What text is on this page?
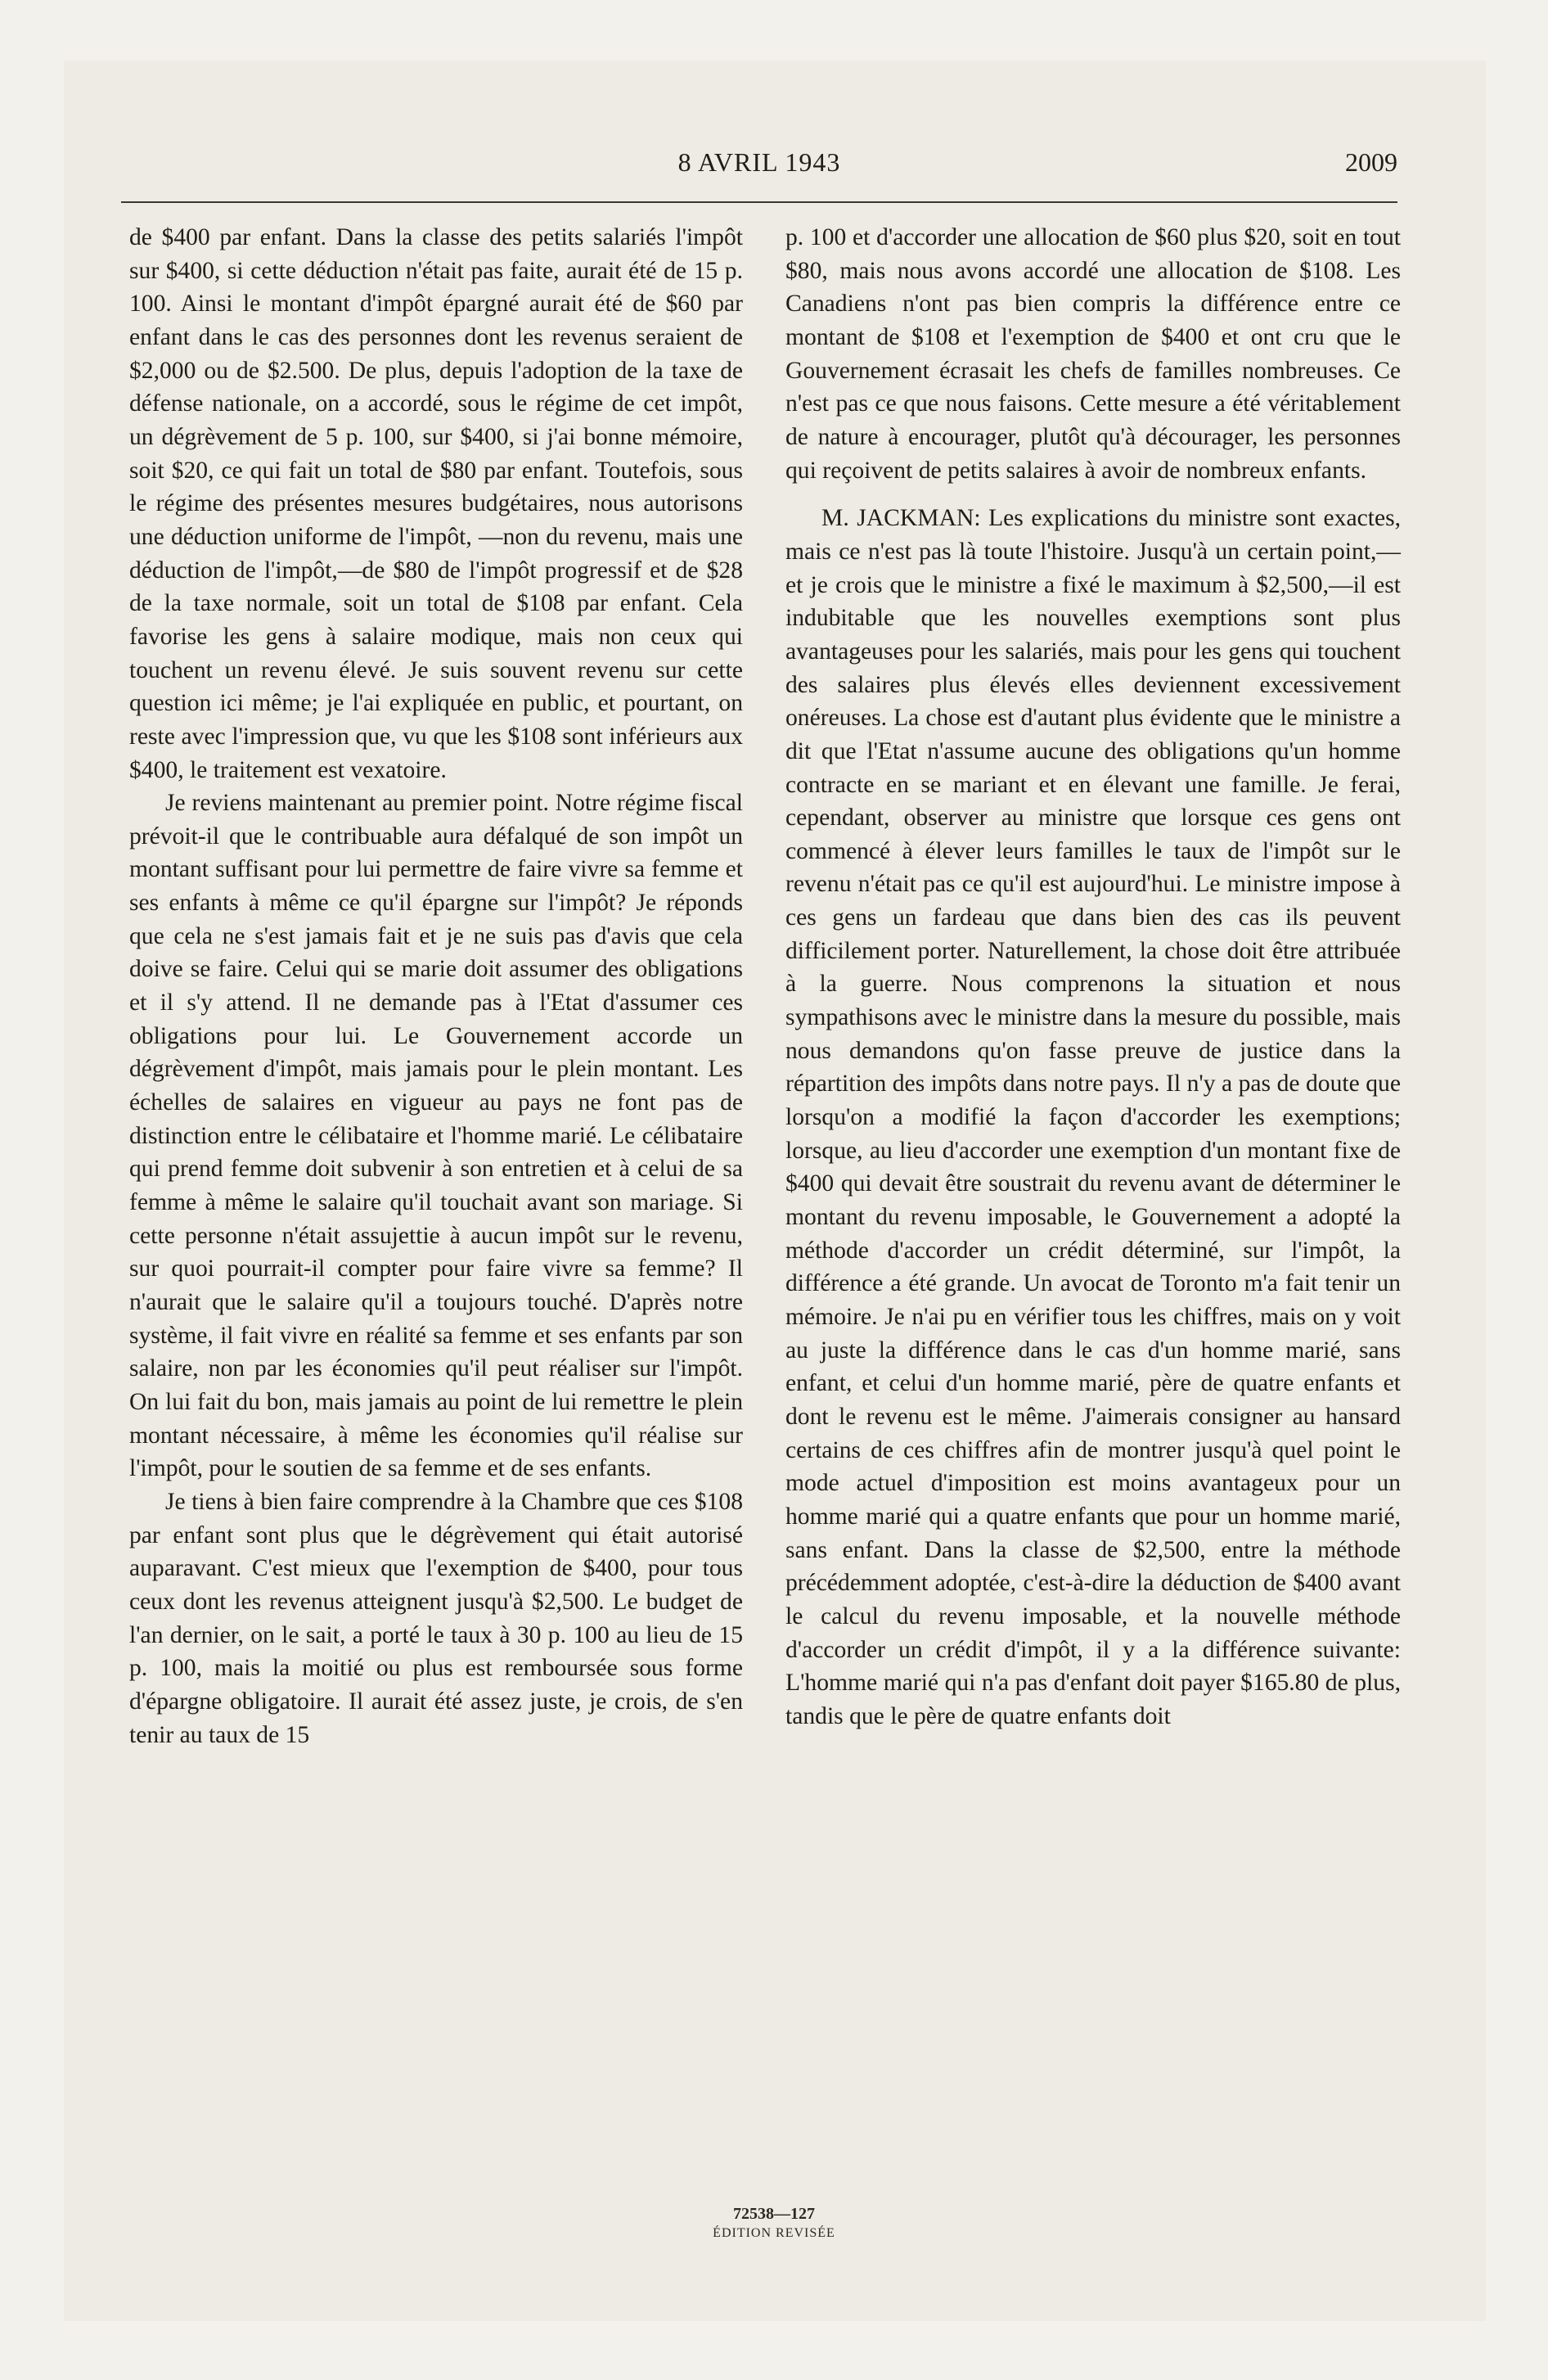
8 AVRIL 1943	2009

de $400 par enfant. Dans la classe des petits salariés l'impôt sur $400, si cette déduction n'était pas faite, aurait été de 15 p. 100. Ainsi le montant d'impôt épargné aurait été de $60 par enfant dans le cas des personnes dont les revenus seraient de $2,000 ou de $2.500. De plus, depuis l'adoption de la taxe de défense nationale, on a accordé, sous le régime de cet impôt, un dégrèvement de 5 p. 100, sur $400, si j'ai bonne mémoire, soit $20, ce qui fait un total de $80 par enfant. Toutefois, sous le régime des présentes mesures budgétaires, nous autorisons une déduction uniforme de l'impôt, —non du revenu, mais une déduction de l'impôt,—de $80 de l'impôt progressif et de $28 de la taxe normale, soit un total de $108 par enfant. Cela favorise les gens à salaire modique, mais non ceux qui touchent un revenu élevé. Je suis souvent revenu sur cette question ici même; je l'ai expliquée en public, et pourtant, on reste avec l'impression que, vu que les $108 sont inférieurs aux $400, le traitement est vexatoire.

Je reviens maintenant au premier point. Notre régime fiscal prévoit-il que le contribuable aura défalqué de son impôt un montant suffisant pour lui permettre de faire vivre sa femme et ses enfants à même ce qu'il épargne sur l'impôt? Je réponds que cela ne s'est jamais fait et je ne suis pas d'avis que cela doive se faire. Celui qui se marie doit assumer des obligations et il s'y attend. Il ne demande pas à l'Etat d'assumer ces obligations pour lui. Le Gouvernement accorde un dégrèvement d'impôt, mais jamais pour le plein montant. Les échelles de salaires en vigueur au pays ne font pas de distinction entre le célibataire et l'homme marié. Le célibataire qui prend femme doit subvenir à son entretien et à celui de sa femme à même le salaire qu'il touchait avant son mariage. Si cette personne n'était assujettie à aucun impôt sur le revenu, sur quoi pourrait-il compter pour faire vivre sa femme? Il n'aurait que le salaire qu'il a toujours touché. D'après notre système, il fait vivre en réalité sa femme et ses enfants par son salaire, non par les économies qu'il peut réaliser sur l'impôt. On lui fait du bon, mais jamais au point de lui remettre le plein montant nécessaire, à même les économies qu'il réalise sur l'impôt, pour le soutien de sa femme et de ses enfants.

Je tiens à bien faire comprendre à la Chambre que ces $108 par enfant sont plus que le dégrèvement qui était autorisé auparavant. C'est mieux que l'exemption de $400, pour tous ceux dont les revenus atteignent jusqu'à $2,500. Le budget de l'an dernier, on le sait, a porté le taux à 30 p. 100 au lieu de 15 p. 100, mais la moitié ou plus est remboursée sous forme d'épargne obligatoire. Il aurait été assez juste, je crois, de s'en tenir au taux de 15

p. 100 et d'accorder une allocation de $60 plus $20, soit en tout $80, mais nous avons accordé une allocation de $108. Les Canadiens n'ont pas bien compris la différence entre ce montant de $108 et l'exemption de $400 et ont cru que le Gouvernement écrasait les chefs de familles nombreuses. Ce n'est pas ce que nous faisons. Cette mesure a été véritablement de nature à encourager, plutôt qu'à décourager, les personnes qui reçoivent de petits salaires à avoir de nombreux enfants.

M. JACKMAN: Les explications du ministre sont exactes, mais ce n'est pas là toute l'histoire. Jusqu'à un certain point,—et je crois que le ministre a fixé le maximum à $2,500,—il est indubitable que les nouvelles exemptions sont plus avantageuses pour les salariés, mais pour les gens qui touchent des salaires plus élevés elles deviennent excessivement onéreuses. La chose est d'autant plus évidente que le ministre a dit que l'Etat n'assume aucune des obligations qu'un homme contracte en se mariant et en élevant une famille. Je ferai, cependant, observer au ministre que lorsque ces gens ont commencé à élever leurs familles le taux de l'impôt sur le revenu n'était pas ce qu'il est aujourd'hui. Le ministre impose à ces gens un fardeau que dans bien des cas ils peuvent difficilement porter. Naturellement, la chose doit être attribuée à la guerre. Nous comprenons la situation et nous sympathisons avec le ministre dans la mesure du possible, mais nous demandons qu'on fasse preuve de justice dans la répartition des impôts dans notre pays. Il n'y a pas de doute que lorsqu'on a modifié la façon d'accorder les exemptions; lorsque, au lieu d'accorder une exemption d'un montant fixe de $400 qui devait être soustrait du revenu avant de déterminer le montant du revenu imposable, le Gouvernement a adopté la méthode d'accorder un crédit déterminé, sur l'impôt, la différence a été grande. Un avocat de Toronto m'a fait tenir un mémoire. Je n'ai pu en vérifier tous les chiffres, mais on y voit au juste la différence dans le cas d'un homme marié, sans enfant, et celui d'un homme marié, père de quatre enfants et dont le revenu est le même. J'aimerais consigner au hansard certains de ces chiffres afin de montrer jusqu'à quel point le mode actuel d'imposition est moins avantageux pour un homme marié qui a quatre enfants que pour un homme marié, sans enfant. Dans la classe de $2,500, entre la méthode précédemment adoptée, c'est-à-dire la déduction de $400 avant le calcul du revenu imposable, et la nouvelle méthode d'accorder un crédit d'impôt, il y a la différence suivante: L'homme marié qui n'a pas d'enfant doit payer $165.80 de plus, tandis que le père de quatre enfants doit

72538—127
ÉDITION REVISÉE
